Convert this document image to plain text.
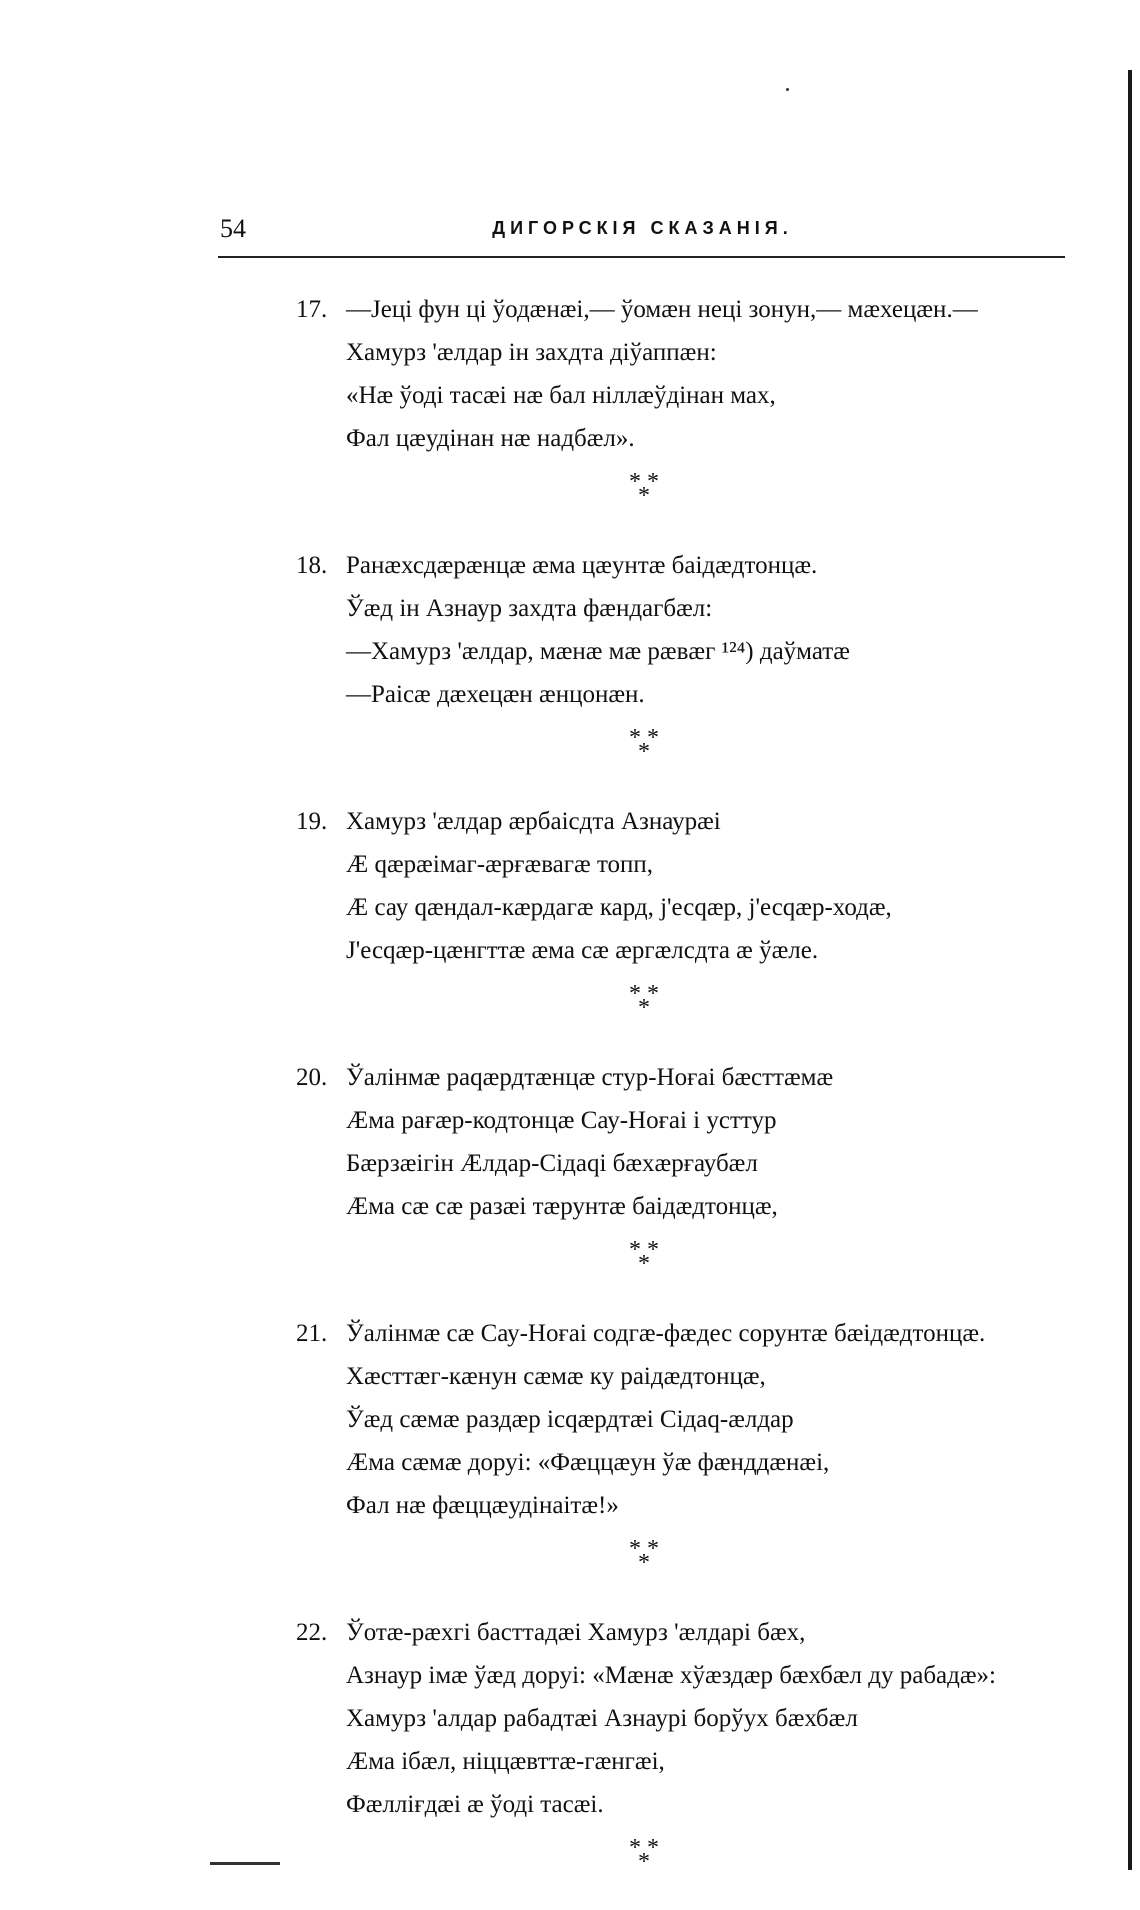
54	ДИГОРСКІЯ СКАЗАНІЯ.
17. —Јеці фун ці ўодæнæі,— ўомæн неці зонун,— мæхецæн.—
Хамурз 'æлдар ін захдта дiўаппæн:
«Нæ ўоді тасæі нæ бал ніллæўдінан мах,
Фал цæудінан нæ надбæл».
* *
*
18. Ранæхсдæрæнцæ æма цæунтæ баідæдтонцæ.
Ўæд ін Азнаур захдта фæндагбæл:
—Хамурз 'æлдар, мæнæ мæ рæвæг ¹²⁴) даўматæ
—Раісæ дæхецæн æнцонæн.
* *
*
19. Хамурз 'æлдар æрбаісдта Азнаурæі
Æ qæрæімаг-æрғæвагæ топп,
Æ сау qæндал-кæрдагæ кард, ј'есqæр, ј'есqæр-ходæ,
Ј'есqæр-цæнгттæ æма сæ æргæлсдта æ ўæле.
* *
*
20. Ўалінмæ раqæрдтæнцæ стур-Ноғаі бæсттæмæ
Æма рағæр-кодтонцæ Сау-Ноғаі і усттур
Бæрзæігін Æлдар-Сідаqі бæхæрғаубæл
Æма сæ сæ разæі тæрунтæ баідæдтонцæ,
* *
*
21. Ўалінмæ сæ Сау-Ноғаі содгæ-фæдес сорунтæ бæідæдтонцæ.
Хæсттæг-кæнун сæмæ ку раідæдтонцæ,
Ўæд сæмæ раздæр ісqæрдтæі Сідаq-æлдар
Æма сæмæ доруі: «Фæццæун ўæ фæнддæнæі,
Фал нæ фæццæудінаітæ!»
* *
*
22. Ўотæ-рæхгі басттадæі Хамурз 'æлдарі бæх,
Азнаур імæ ўæд доруі: «Мæнæ хўæздæр бæхбæл ду рабадæ»:
Хамурз 'алдар рабадтæі Азнаурі борўух бæхбæл
Æма ібæл, ніццæвттæ-гæнгæі,
Фæлліғдæі æ ўоді тасæі.
* *
*
